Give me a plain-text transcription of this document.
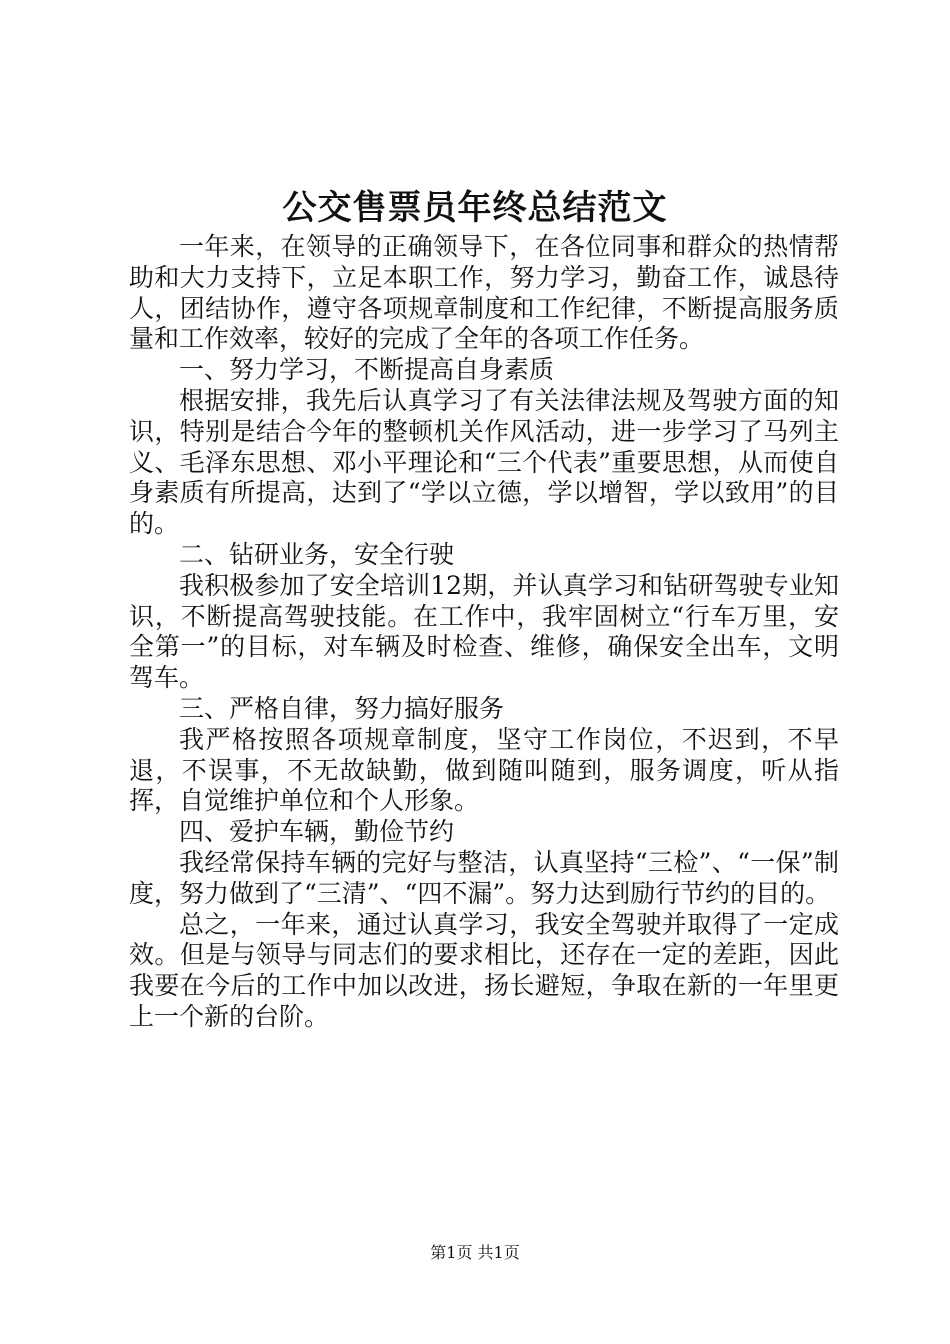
公交售票员年终总结范文

一年来，在领导的正确领导下，在各位同事和群众的热情帮助和大力支持下，立足本职工作，努力学习，勤奋工作，诚恳待人，团结协作，遵守各项规章制度和工作纪律，不断提高服务质量和工作效率，较好的完成了全年的各项工作任务。

一、努力学习，不断提高自身素质

根据安排，我先后认真学习了有关法律法规及驾驶方面的知识，特别是结合今年的整顿机关作风活动，进一步学习了马列主义、毛泽东思想、邓小平理论和“三个代表”重要思想，从而使自身素质有所提高，达到了“学以立德，学以增智，学以致用”的目的。

二、钻研业务，安全行驶

我积极参加了安全培训12期，并认真学习和钻研驾驶专业知识，不断提高驾驶技能。在工作中，我牢固树立“行车万里，安全第一”的目标，对车辆及时检查、维修，确保安全出车，文明驾车。

三、严格自律，努力搞好服务

我严格按照各项规章制度，坚守工作岗位，不迟到，不早退，不误事，不无故缺勤，做到随叫随到，服务调度，听从指挥，自觉维护单位和个人形象。

四、爱护车辆，勤俭节约

我经常保持车辆的完好与整洁，认真坚持“三检”、“一保”制度，努力做到了“三清”、“四不漏”。努力达到励行节约的目的。

总之，一年来，通过认真学习，我安全驾驶并取得了一定成效。但是与领导与同志们的要求相比，还存在一定的差距，因此我要在今后的工作中加以改进，扬长避短，争取在新的一年里更上一个新的台阶。

第1页 共1页
